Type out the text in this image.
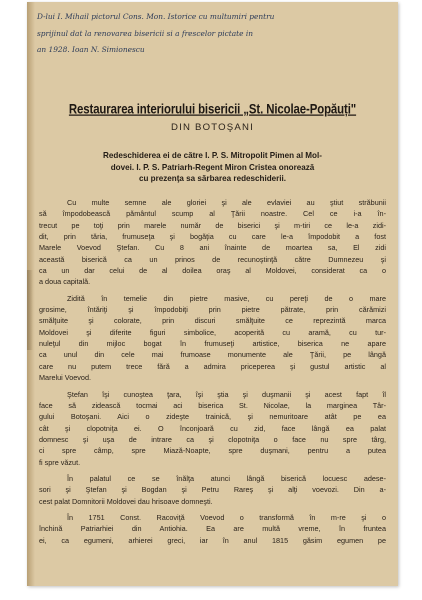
D-lui I. Mihail pictorul Cons. Mon. Istorice cu multumiri pentru
sprijinul dat la renovarea bisericii si a frescelor pictate in
an 1928. Ioan N. Simionescu
Restaurarea interiorului bisericii „St. Nicolae-Popăuți"
DIN BOTOŞANI
Redeschiderea ei de către I. P. S. Mitropolit Pimen al Mol-
dovei. I. P. S. Patriarh-Regent Miron Cristea onorează
cu prezenţa sa sărbarea redeschiderii.

Cu multe semne ale gloriei şi ale evlaviei au ştiut străbunii
să împodobească pământul scump al Ţării noastre. Cel ce i-a în-
trecut pe toţi prin marele număr de biserici şi m-tiri ce le-a zidi-
dit, prin tăria, frumuseţa şi bogăţia cu care le-a împodobit a fost
Marele Voevod Ştefan. Cu 8 ani înainte de moartea sa, El zidi
această biserică ca un prinos de recunoştinţă către Dumnezeu şi
ca un dar celui de al doilea oraş al Moldovei, considerat ca o
a doua capitală.

Zidită în temelie din pietre masive, cu pereţi de o mare
grosime, întăriţi şi împodobiţi prin pietre pătrate, prin cărămizi
smălţuite şi colorate, prin discuri smălţuite ce reprezintă marca
Moldovei şi diferite figuri simbolice, acoperită cu aramă, cu tur-
nuleţul din mijloc bogat în frumuseţi artistice, biserica ne apare
ca unul din cele mai frumoase monumente ale Ţării, pe lângă
care nu putem trece fără a admira priceperea şi gustul artistic al
Marelui Voevod.

Ştefan îşi cunoştea ţara, îşi ştia şi duşmanii şi acest fapt îl
face să zidească tocmai aci biserica St. Nicolae, la marginea Târ-
gului Botoşani. Aici o zideşte trainică, şi nemuritoare atât pe ea
cât şi clopotniţa ei. O înconjoară cu zid, face lângă ea palat
domnesc şi uşa de intrare ca şi clopotniţa o face nu spre târg,
ci spre câmp, spre Miază-Noapte, spre duşmani, pentru a putea
fi spre văzut.

În palatul ce se înălţa atunci lângă biserică locuesc adese-
sori şi Ştefan şi Bogdan şi Petru Rareş şi alţi voevozi. Din a-
cest palat Domnitorii Moldovei dau hrisoave domneşti.

În 1751 Const. Racoviţă Voevod o transformă în m-re şi o
închină Patriarhiei din Antiohia. Ea are multă vreme, în fruntea
ei, ca egumeni, arhierei greci, iar în anul 1815 găsim egumen pe
